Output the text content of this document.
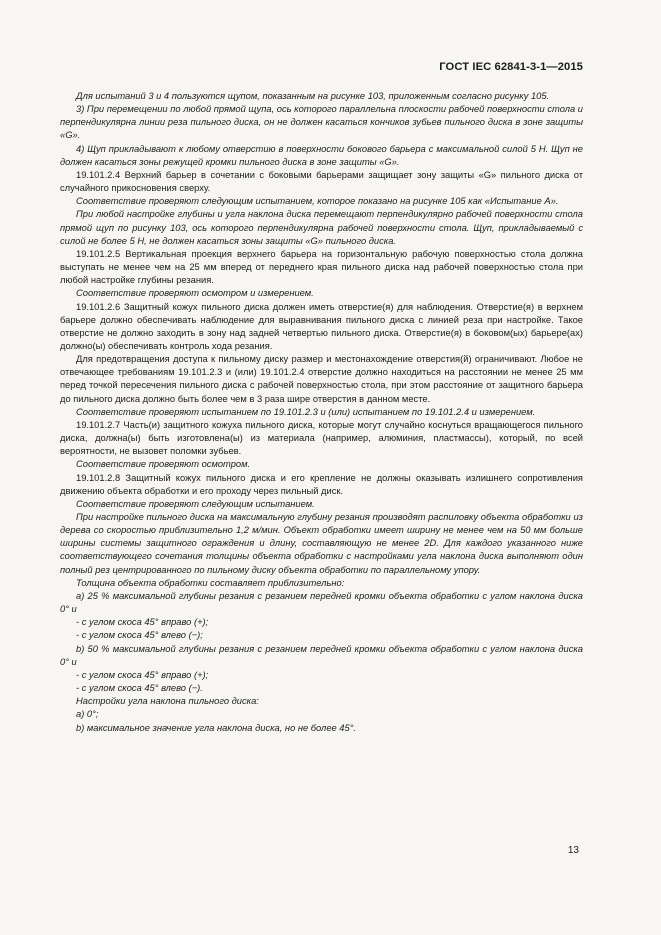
ГОСТ IEC 62841-3-1—2015

Для испытаний 3 и 4 пользуются щупом, показанным на рисунке 103, приложенным согласно рисунку 105.

3) При перемещении по любой прямой щупа, ось которого параллельна плоскости рабочей поверхности стола и перпендикулярна линии реза пильного диска, он не должен касаться кончиков зубьев пильного диска в зоне защиты «G».

4) Щуп прикладывают к любому отверстию в поверхности бокового барьера с максимальной силой 5 Н. Щуп не должен касаться зоны режущей кромки пильного диска в зоне защиты «G».

19.101.2.4 Верхний барьер в сочетании с боковыми барьерами защищает зону защиты «G» пильного диска от случайного прикосновения сверху.

Соответствие проверяют следующим испытанием, которое показано на рисунке 105 как «Испытание А».

При любой настройке глубины и угла наклона диска перемещают перпендикулярно рабочей поверхности стола прямой щуп по рисунку 103, ось которого перпендикулярна рабочей поверхности стола. Щуп, прикладываемый с силой не более 5 Н, не должен касаться зоны защиты «G» пильного диска.

19.101.2.5 Вертикальная проекция верхнего барьера на горизонтальную рабочую поверхностью стола должна выступать не менее чем на 25 мм вперед от переднего края пильного диска над рабочей поверхностью стола при любой настройке глубины резания.

Соответствие проверяют осмотром и измерением.

19.101.2.6 Защитный кожух пильного диска должен иметь отверстие(я) для наблюдения. Отверстие(я) в верхнем барьере должно обеспечивать наблюдение для выравнивания пильного диска с линией реза при настройке. Такое отверстие не должно заходить в зону над задней четвертью пильного диска. Отверстие(я) в боковом(ых) барьере(ах) должно(ы) обеспечивать контроль хода резания.

Для предотвращения доступа к пильному диску размер и местонахождение отверстия(й) ограничивают. Любое не отвечающее требованиям 19.101.2.3 и (или) 19.101.2.4 отверстие должно находиться на расстоянии не менее 25 мм перед точкой пересечения пильного диска с рабочей поверхностью стола, при этом расстояние от защитного барьера до пильного диска должно быть более чем в 3 раза шире отверстия в данном месте.

Соответствие проверяют испытанием по 19.101.2.3 и (или) испытанием по 19.101.2.4 и измерением.

19.101.2.7 Часть(и) защитного кожуха пильного диска, которые могут случайно коснуться вращающегося пильного диска, должна(ы) быть изготовлена(ы) из материала (например, алюминия, пластмассы), который, по всей вероятности, не вызовет поломки зубьев.

Соответствие проверяют осмотром.

19.101.2.8 Защитный кожух пильного диска и его крепление не должны оказывать излишнего сопротивления движению объекта обработки и его проходу через пильный диск.

Соответствие проверяют следующим испытанием.

При настройке пильного диска на максимальную глубину резания производят распиловку объекта обработки из дерева со скоростью приблизительно 1,2 м/мин. Объект обработки имеет ширину не менее чем на 50 мм больше ширины системы защитного ограждения и длину, составляющую не менее 2D. Для каждого указанного ниже соответствующего сочетания толщины объекта обработки с настройками угла наклона диска выполняют один полный рез центрированного по пильному диску объекта обработки по параллельному упору.

Толщина объекта обработки составляет приблизительно:

a) 25 % максимальной глубины резания с резанием передней кромки объекта обработки с углом наклона диска 0° и

- с углом скоса 45° вправо (+);

- с углом скоса 45° влево (−);

b) 50 % максимальной глубины резания с резанием передней кромки объекта обработки с углом наклона диска 0° и

- с углом скоса 45° вправо (+);

- с углом скоса 45° влево (−).

Настройки угла наклона пильного диска:

a) 0°;

b) максимальное значение угла наклона диска, но не более 45°.

13
